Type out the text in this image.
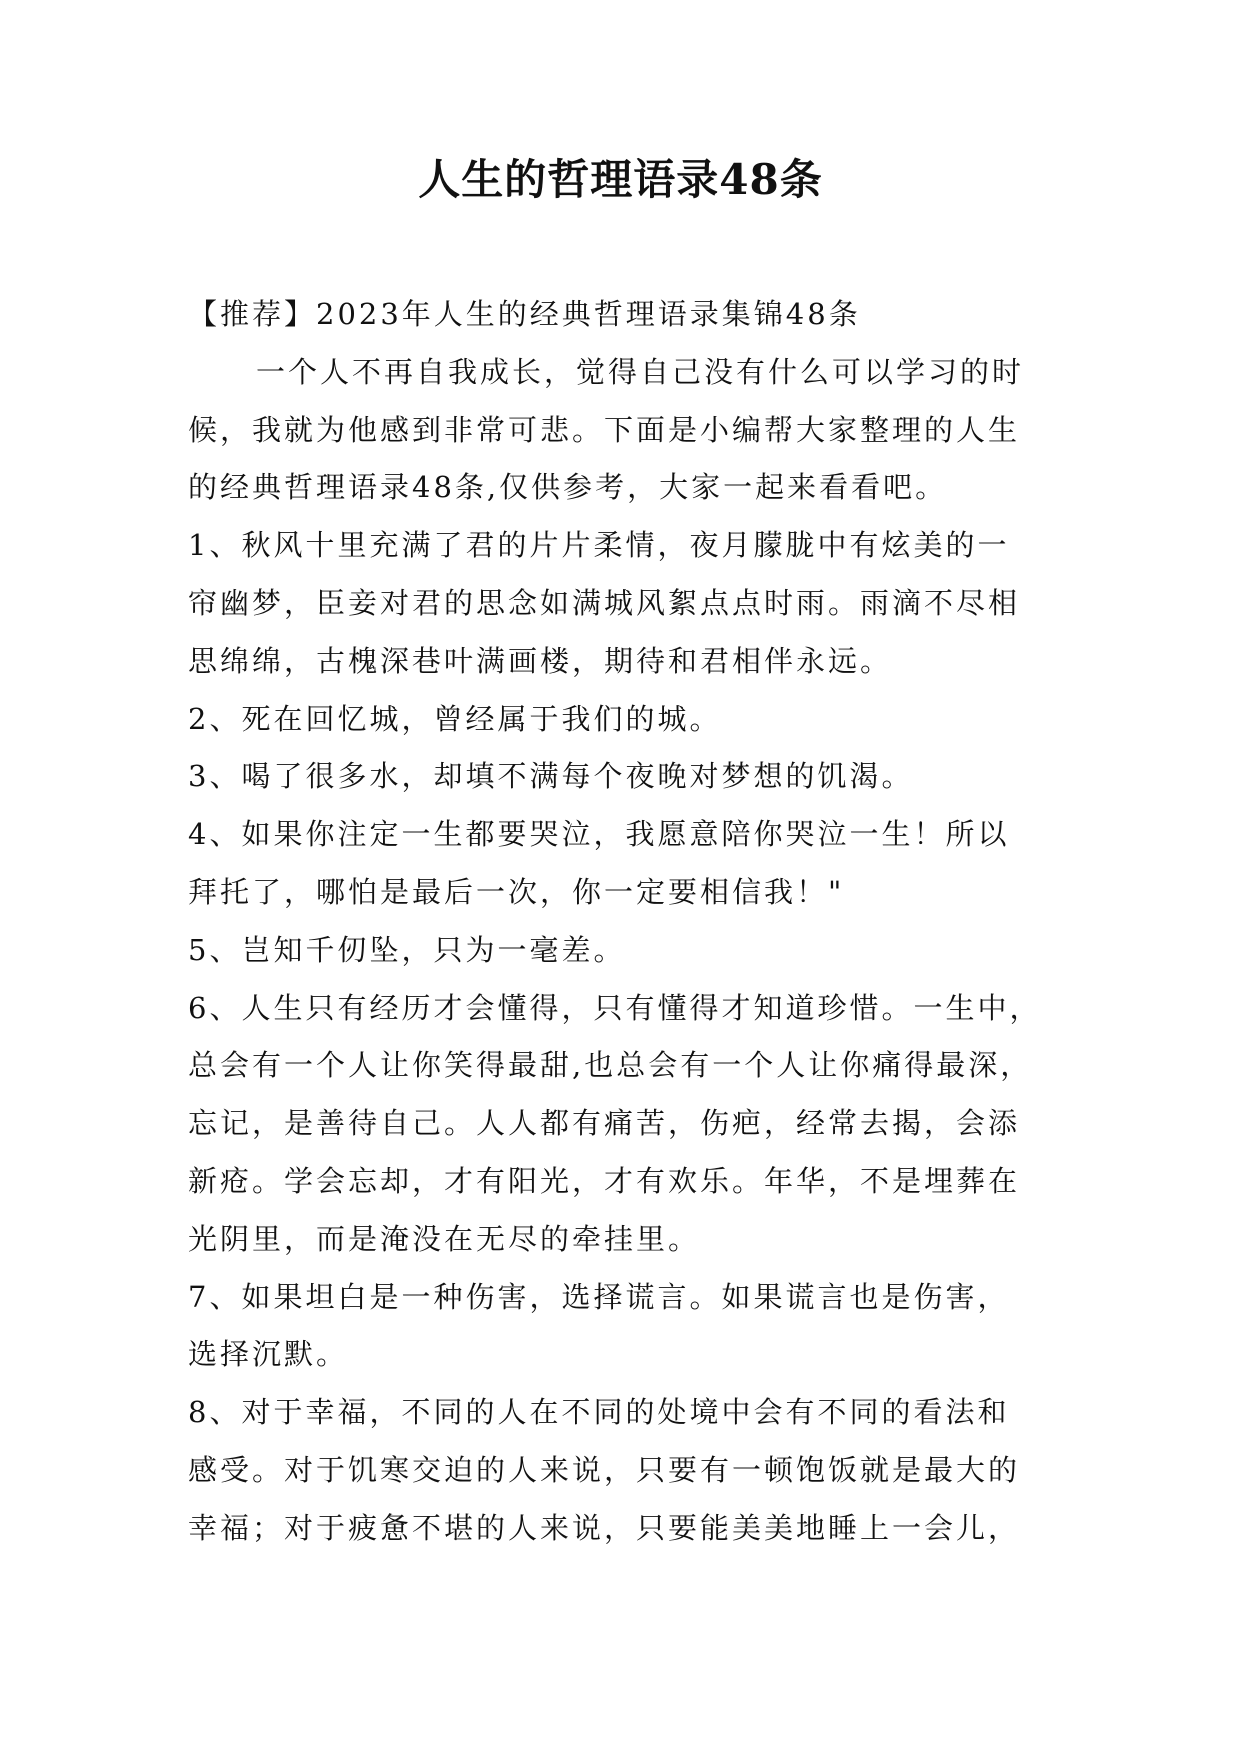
人生的哲理语录48条
【推荐】2023年人生的经典哲理语录集锦48条
一个人不再自我成长，觉得自己没有什么可以学习的时
候，我就为他感到非常可悲。下面是小编帮大家整理的人生
的经典哲理语录48条,仅供参考，大家一起来看看吧。
1、秋风十里充满了君的片片柔情，夜月朦胧中有炫美的一
帘幽梦，臣妾对君的思念如满城风絮点点时雨。雨滴不尽相
思绵绵，古槐深巷叶满画楼，期待和君相伴永远。
2、死在回忆城，曾经属于我们的城。
3、喝了很多水，却填不满每个夜晚对梦想的饥渴。
4、如果你注定一生都要哭泣，我愿意陪你哭泣一生！所以
拜托了，哪怕是最后一次，你一定要相信我！"
5、岂知千仞坠，只为一毫差。
6、人生只有经历才会懂得，只有懂得才知道珍惜。一生中，
总会有一个人让你笑得最甜,也总会有一个人让你痛得最深，
忘记，是善待自己。人人都有痛苦，伤疤，经常去揭，会添
新疮。学会忘却，才有阳光，才有欢乐。年华，不是埋葬在
光阴里，而是淹没在无尽的牵挂里。
7、如果坦白是一种伤害，选择谎言。如果谎言也是伤害，
选择沉默。
8、对于幸福，不同的人在不同的处境中会有不同的看法和
感受。对于饥寒交迫的人来说，只要有一顿饱饭就是最大的
幸福；对于疲惫不堪的人来说，只要能美美地睡上一会儿，
